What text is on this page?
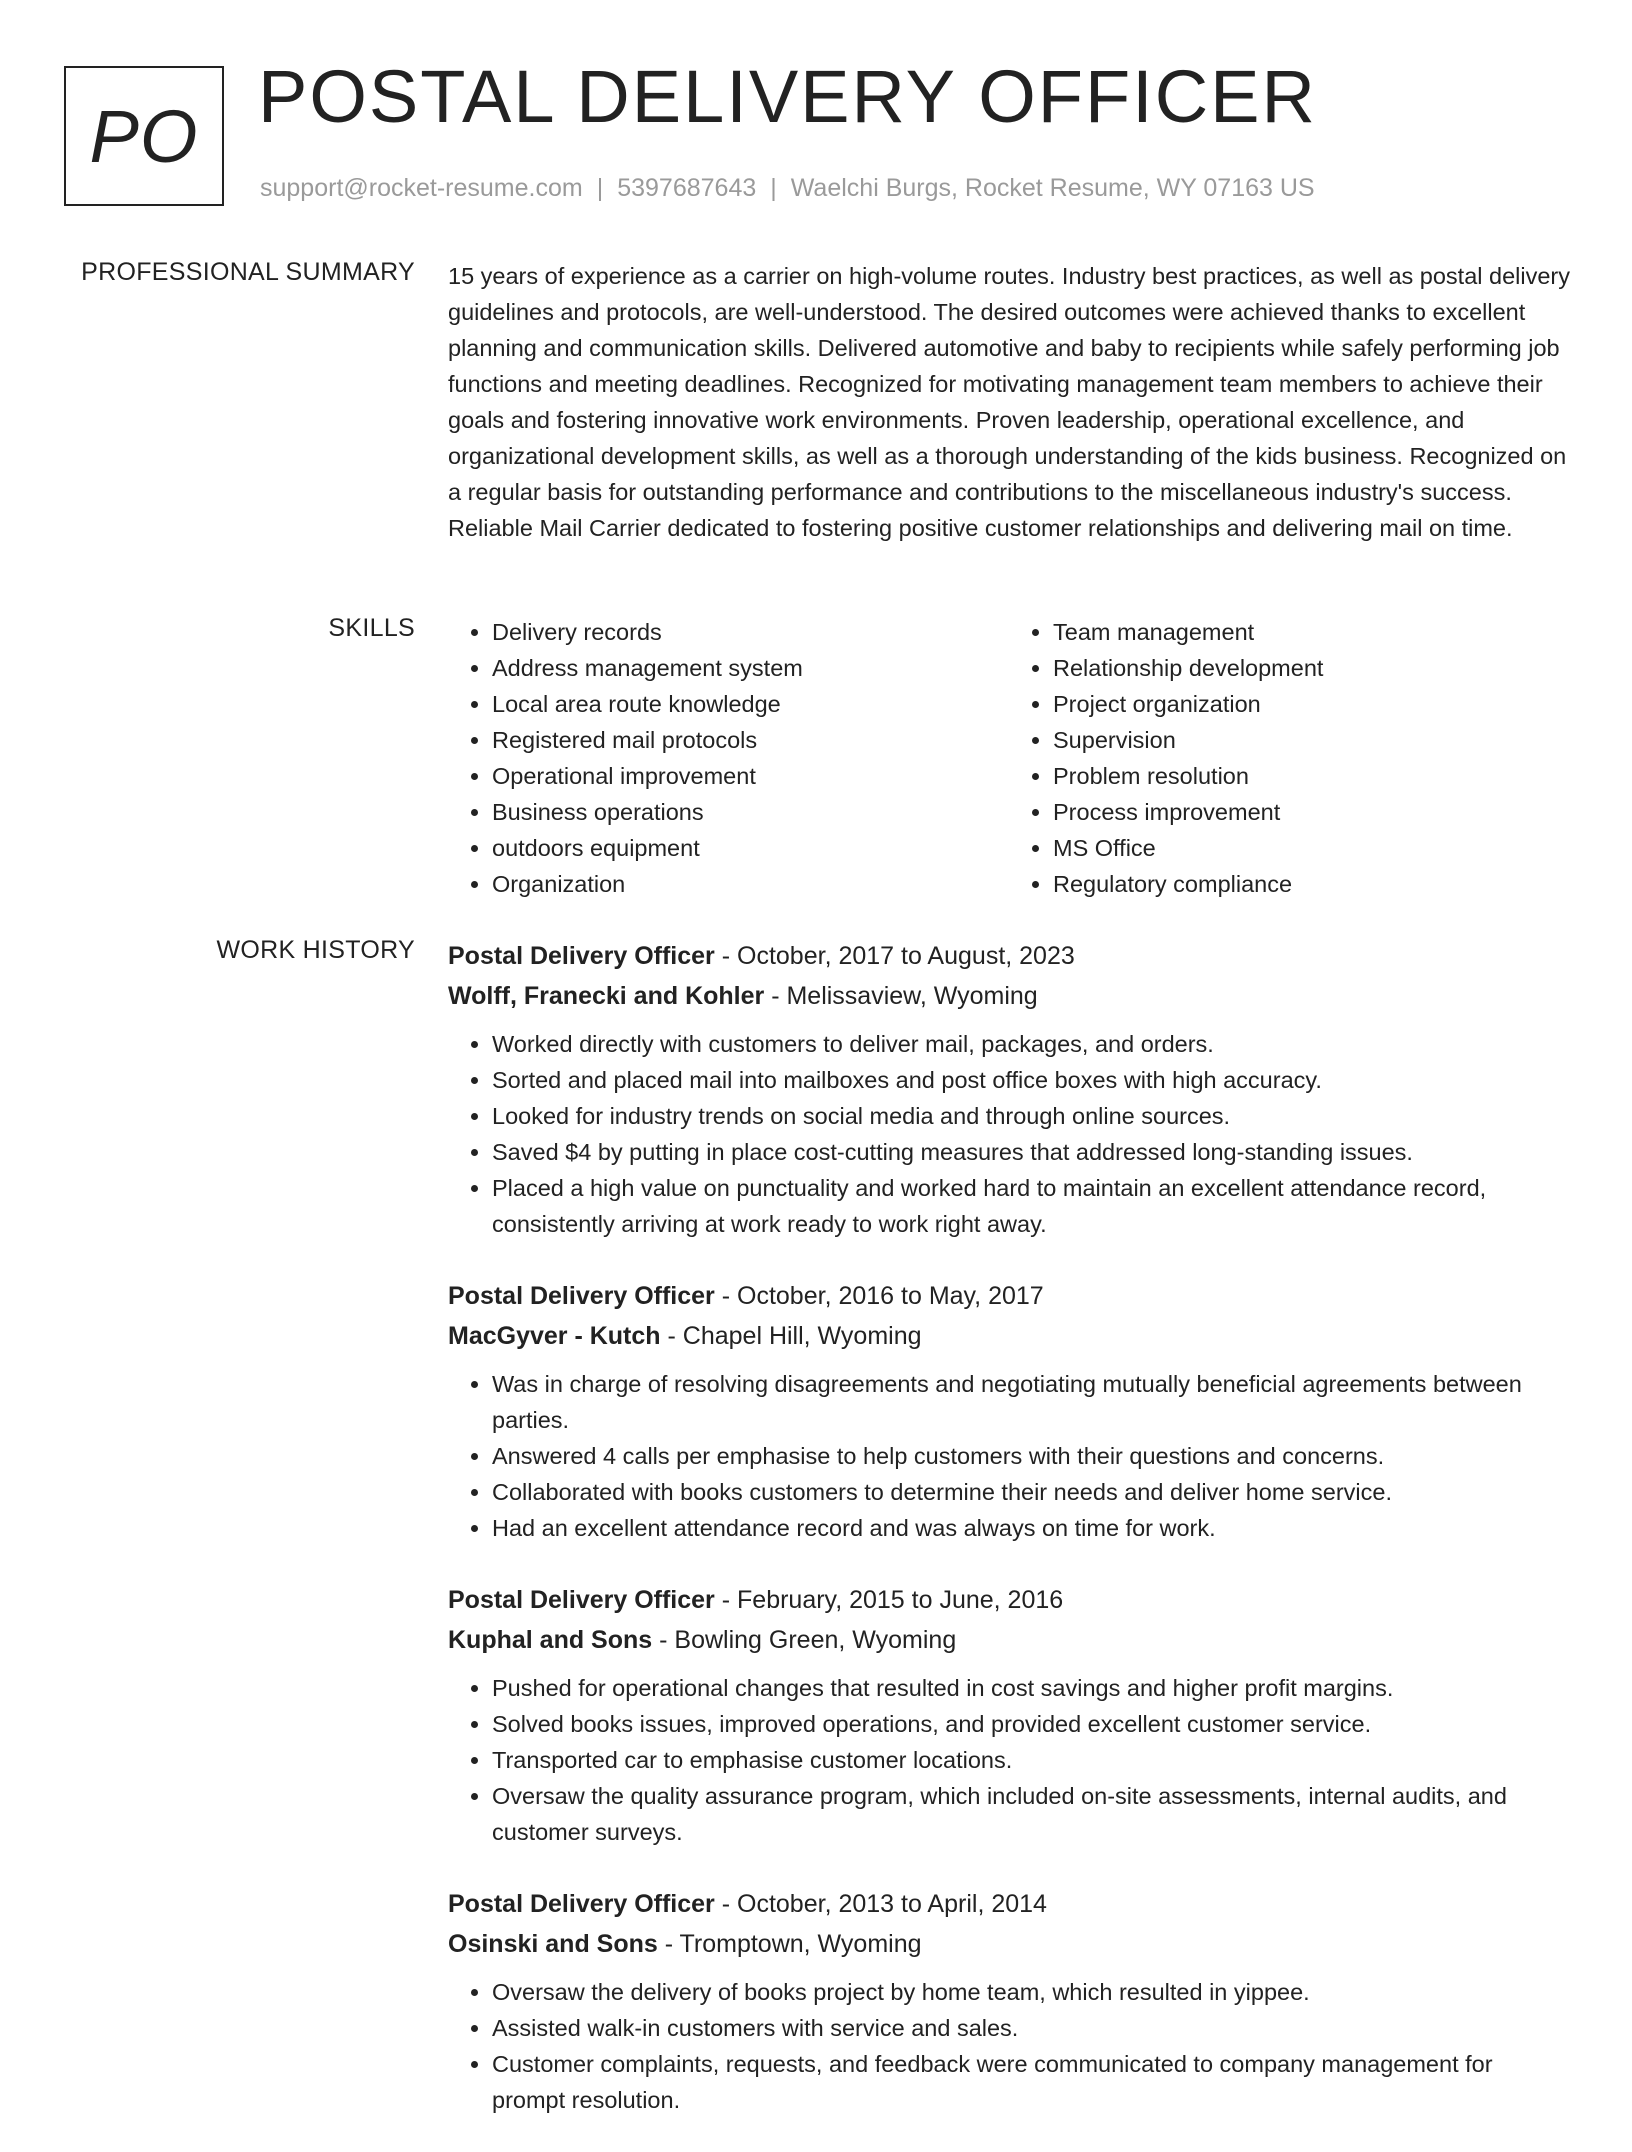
PO POSTAL DELIVERY OFFICER
support@rocket-resume.com | 5397687643 | Waelchi Burgs, Rocket Resume, WY 07163 US
PROFESSIONAL SUMMARY 15 years of experience as a carrier on high-volume routes. Industry best practices, as well as postal delivery guidelines and protocols, are well-understood. The desired outcomes were achieved thanks to excellent planning and communication skills. Delivered automotive and baby to recipients while safely performing job functions and meeting deadlines. Recognized for motivating management team members to achieve their goals and fostering innovative work environments. Proven leadership, operational excellence, and organizational development skills, as well as a thorough understanding of the kids business. Recognized on a regular basis for outstanding performance and contributions to the miscellaneous industry's success. Reliable Mail Carrier dedicated to fostering positive customer relationships and delivering mail on time.

SKILLS
•	Delivery records
• Address management system
• Local area route knowledge
• Registered mail protocols
• Operational improvement
• Business operations
• outdoors equipment
• Organization
• Team management
• Relationship development
• Project organization
• Supervision
• Problem resolution
• Process improvement
• MS Office
• Regulatory compliance
WORK HISTORY Postal Delivery Officer - October, 2017 to August, 2023
Wolff, Franecki and Kohler - Melissaview, Wyoming
• Worked directly with customers to deliver mail, packages, and orders.
• Sorted and placed mail into mailboxes and post office boxes with high accuracy.
• Looked for industry trends on social media and through online sources.
• Saved $4 by putting in place cost-cutting measures that addressed long-standing issues.
• Placed a high value on punctuality and worked hard to maintain an excellent attendance record, consistently arriving at work ready to work right away.
Postal Delivery Officer - October, 2016 to May, 2017
MacGyver - Kutch - Chapel Hill, Wyoming
• Was in charge of resolving disagreements and negotiating mutually beneficial agreements between parties.
• Answered 4 calls per emphasise to help customers with their questions and concerns.
• Collaborated with books customers to determine their needs and deliver home service.
• Had an excellent attendance record and was always on time for work.
Postal Delivery Officer - February, 2015 to June, 2016
Kuphal and Sons - Bowling Green, Wyoming
• Pushed for operational changes that resulted in cost savings and higher profit margins.
• Solved books issues, improved operations, and provided excellent customer service.
• Transported car to emphasise customer locations.
• Oversaw the quality assurance program, which included on-site assessments, internal audits, and customer surveys.
Postal Delivery Officer - October, 2013 to April, 2014
Osinski and Sons - Tromptown, Wyoming
• Oversaw the delivery of books project by home team, which resulted in yippee.
• Assisted walk-in customers with service and sales.
• Customer complaints, requests, and feedback were communicated to company management for prompt resolution.
